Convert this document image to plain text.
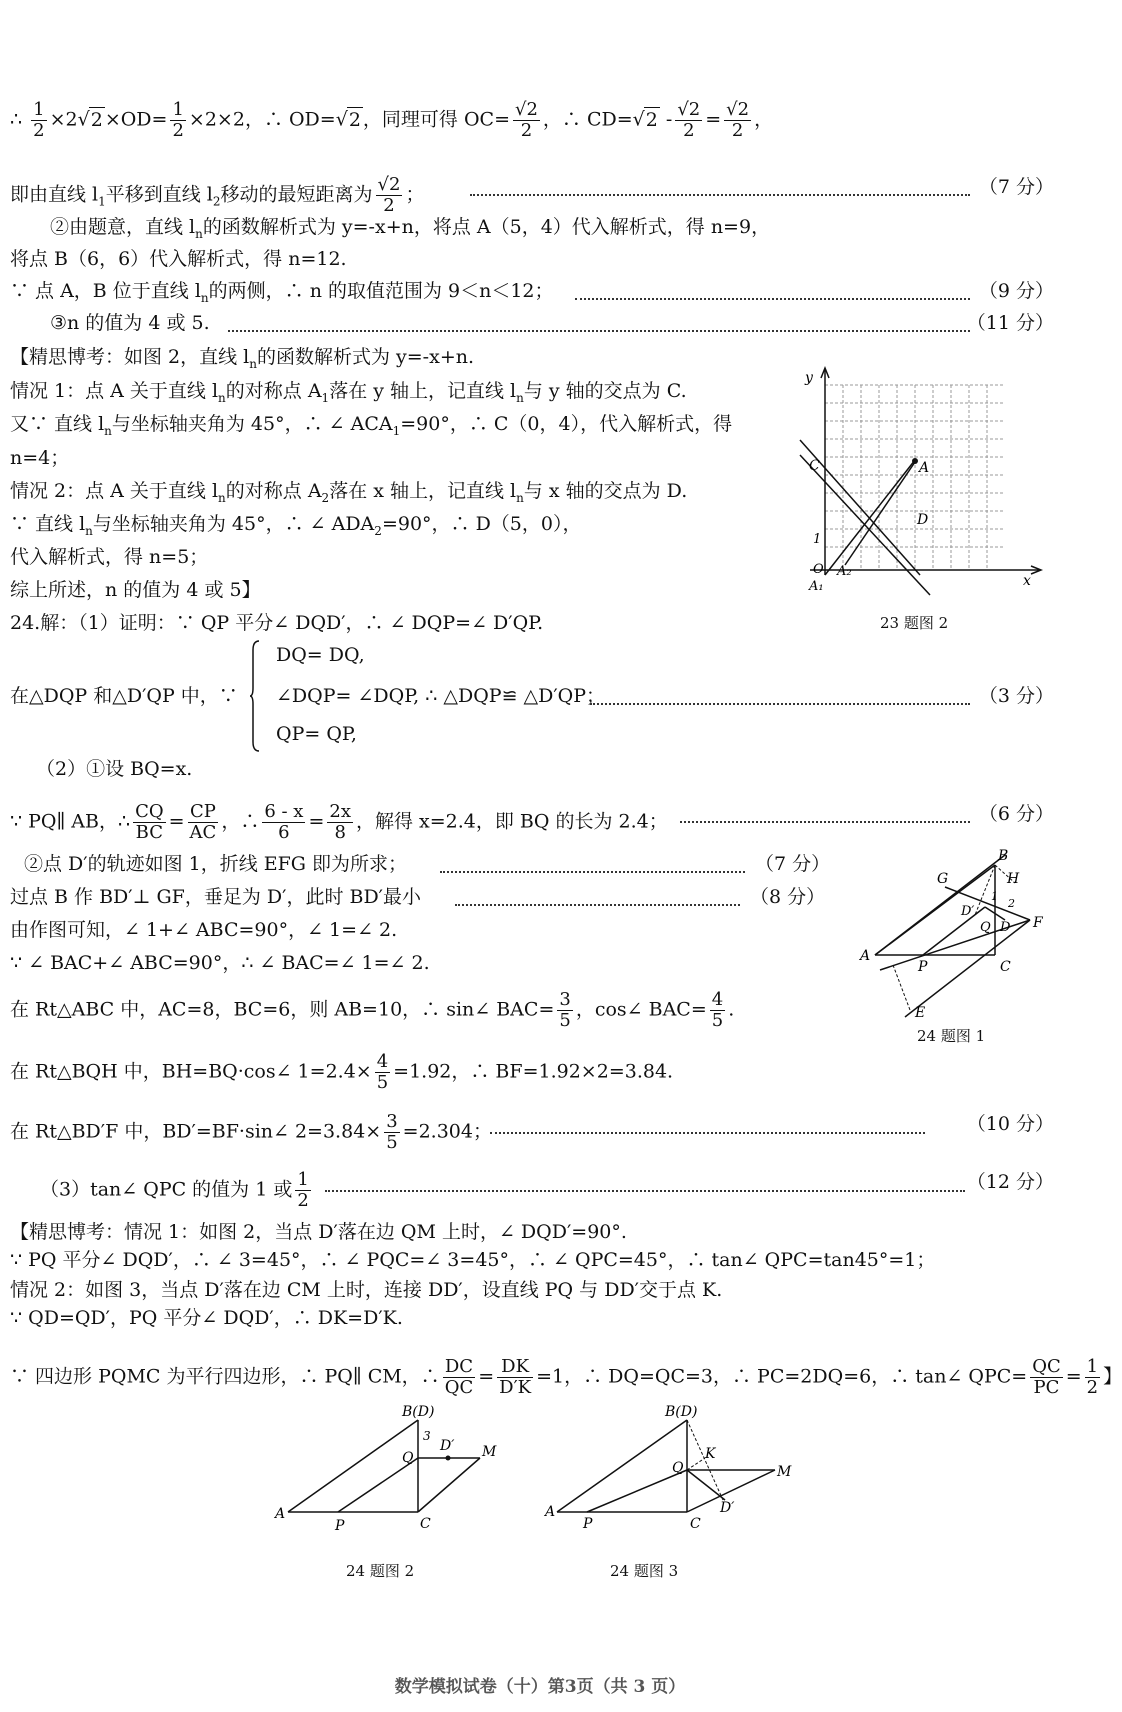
∴ $\frac{1}{2} \times 2√2 \times OD= \frac{1}{2} \times 2\times 2$，∴ OD=√2 ，同理可得 $OC= \frac{√2}{2}$ ，∴ $CD=√2 - \frac{√2}{2} = \frac{√2}{2}$ ，
即由直线 $l_1$平移到直线 $l_2$移动的最短距离为 $\frac{√2}{2}$ ；	（7 分）
②由题意，直线 $l_n$的函数解析式为 y=-x+n，将点 A（5，4）代入解析式，得 n=9，
将点 B（6，6）代入解析式，得 n=12.
∵ 点 A，B 位于直线 $l_n$的两侧，∴ n 的取值范围为 9＜n＜12；	（9 分）
③n 的值为 4 或 5.	（11 分）
【精思博考：如图 2，直线 $l_n$的函数解析式为 y=-x+n.
情况 1：点 A 关于直线 $l_n$的对称点 $A_1$落在 y 轴上，记直线 $l_n$与 y 轴的交点为 C.
又∵ 直线 $l_n$与坐标轴夹角为 45°，∴ ∠ $ACA_1=90^\circ$，∴ C（0，4），代入解析式，得
n=4；
情况 2：点 A 关于直线 $l_n$的对称点 $A_2$落在 x 轴上，记直线 $l_n$与 x 轴的交点为 D.
∵ 直线 $l_n$与坐标轴夹角为 45°，∴ ∠ $ADA_2=90^\circ$，∴ D（5，0），
代入解析式，得 n=5；
综上所述，n 的值为 4 或 5】
24.解：（1）证明：∵ QP 平分∠ DQD′，∴ ∠ DQP=∠ D′QP.
y
x
C	A
D
1
O
A₁
A₂
23 题图 2
在△DQP 和△D′QP 中，∵
DQ= DQ,
∠DQP= ∠DQP, ∴ △DQP≌ △D′QP；
QP= QP,
（3 分）
（2）①设 BQ=x.
∵ PQ∥ AB，∴ $\frac{CQ}{BC} = \frac{CP}{AC}$ ，∴ $\frac{6 - x}{6} = \frac{2x}{8}$ ，解得 x=2.4，即 BQ 的长为 2.4；	（6 分）
②点 D′的轨迹如图 1，折线 EFG 即为所求；	（7 分）
过点 B 作 BD′⊥ GF，垂足为 D′，此时 BD′最小	（8 分）
由作图可知，∠ 1+∠ ABC=90°，∠ 1=∠ 2.
∵ ∠ BAC+∠ ABC=90°，∴ ∠ BAC=∠ 1=∠ 2.
B
G	H
D′
Q D F
A
P	C
E
1
2
24 题图 1
在 Rt△ABC 中，AC=8，BC=6，则 AB=10，∴ sin∠ $BAC= \frac{3}{5}$ ，cos∠ $BAC= \frac{4}{5}$ .
在 Rt△BQH 中，BH=BQ·cos∠ $1=2.4\times \frac{4}{5} =1.92$，∴ BF=1.92×2=3.84.
在 Rt△BD′F 中，BD′=BF·sin∠ $2=3.84\times \frac{3}{5} =2.304$；	（10 分）
（3）tan∠ QPC 的值为 1 或 $\frac{1}{2}$	（12 分）
【精思博考：情况 1：如图 2，当点 D′落在边 QM 上时，∠ DQD′=90°.
∵ PQ 平分∠ DQD′，∴ ∠ 3=45°，∴ ∠ PQC=∠ 3=45°，∴ ∠ QPC=45°，∴ tan∠ QPC=tan45°=1；
情况 2：如图 3，当点 D′落在边 CM 上时，连接 DD′，设直线 PQ 与 DD′交于点 K.
∵ QD=QD′，PQ 平分∠ DQD′，∴ DK=D′K.
∵ 四边形 PQMC 为平行四边形，∴ PQ∥ CM，∴ $\frac{DC}{QC} = \frac{DK}{D'K} =1$，∴ DQ=QC=3，∴ PC=2DQ=6，∴ tan∠ $QPC= \frac{QC}{PC} = \frac{1}{2}$ 】
B(D)
3
Q
D′ M
A
P	C
24 题图 2
B(D)
K
Q	M
D′
A
P	C
24 题图 3
数学模拟试卷（十）第3页（共 3 页）
